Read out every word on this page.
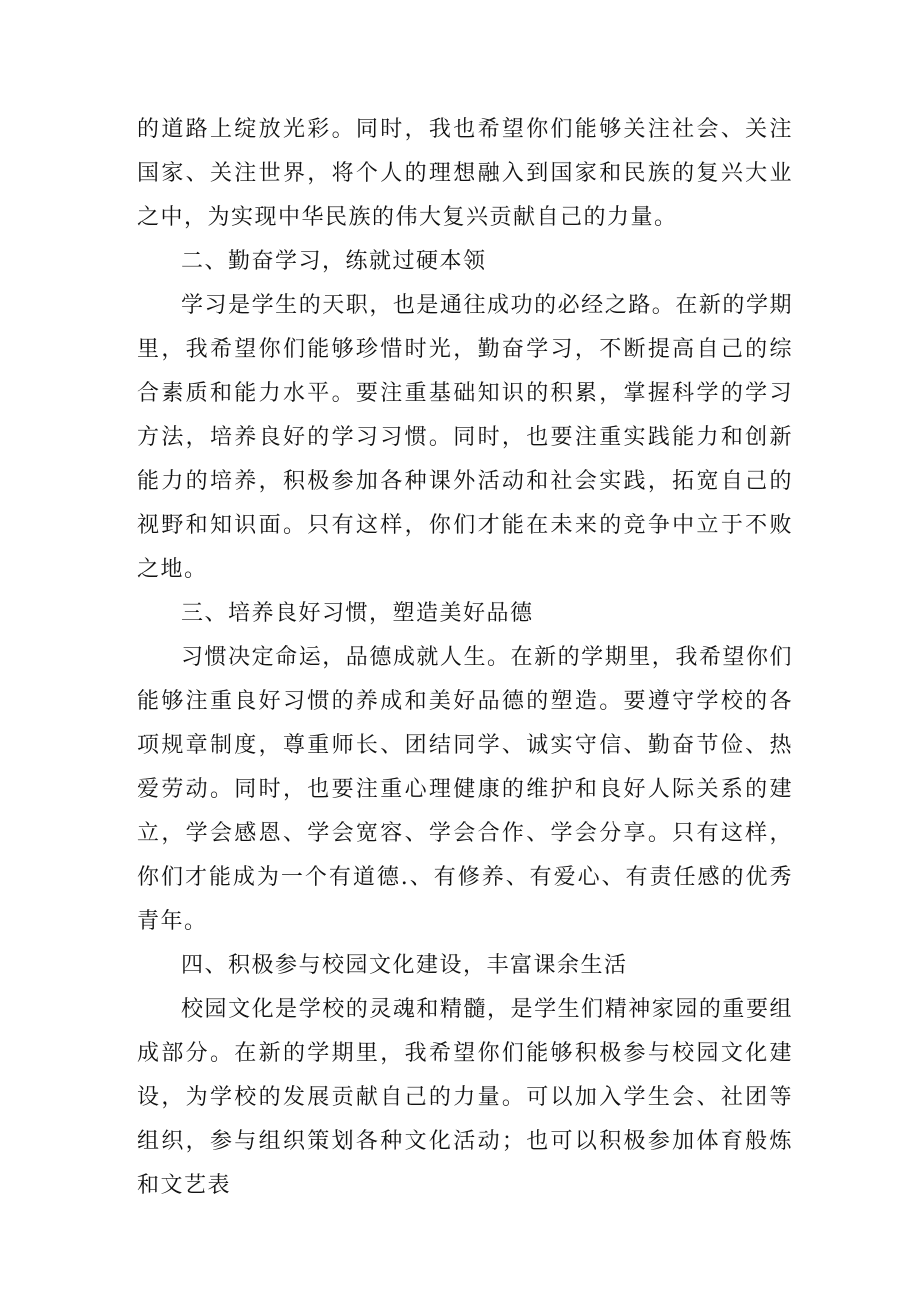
的道路上绽放光彩。同时，我也希望你们能够关注社会、关注国家、关注世界，将个人的理想融入到国家和民族的复兴大业之中，为实现中华民族的伟大复兴贡献自己的力量。

二、勤奋学习，练就过硬本领

学习是学生的天职，也是通往成功的必经之路。在新的学期里，我希望你们能够珍惜时光，勤奋学习，不断提高自己的综合素质和能力水平。要注重基础知识的积累，掌握科学的学习方法，培养良好的学习习惯。同时，也要注重实践能力和创新能力的培养，积极参加各种课外活动和社会实践，拓宽自己的视野和知识面。只有这样，你们才能在未来的竞争中立于不败之地。

三、培养良好习惯，塑造美好品德

习惯决定命运，品德成就人生。在新的学期里，我希望你们能够注重良好习惯的养成和美好品德的塑造。要遵守学校的各项规章制度，尊重师长、团结同学、诚实守信、勤奋节俭、热爱劳动。同时，也要注重心理健康的维护和良好人际关系的建立，学会感恩、学会宽容、学会合作、学会分享。只有这样，你们才能成为一个有道德.、有修养、有爱心、有责任感的优秀青年。

四、积极参与校园文化建设，丰富课余生活

校园文化是学校的灵魂和精髓，是学生们精神家园的重要组成部分。在新的学期里，我希望你们能够积极参与校园文化建设，为学校的发展贡献自己的力量。可以加入学生会、社团等组织，参与组织策划各种文化活动；也可以积极参加体育般炼和文艺表
